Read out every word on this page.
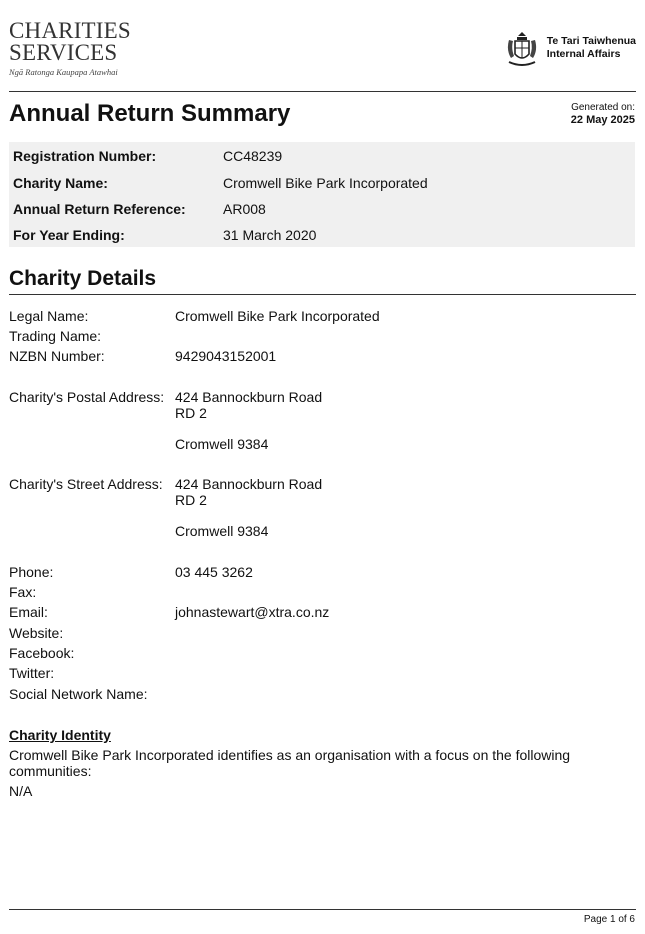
CHARITIES
SERVICES
Ngā Ratonga Kaupapa Atawhai
Te Tari Taiwhenua
Internal Affairs
Annual Return Summary	Generated on:
22 May 2025
Registration Number:	CC48239
Charity Name:	Cromwell Bike Park Incorporated
Annual Return Reference:	AR008
For Year Ending:	31 March 2020
Charity Details
Legal Name:	Cromwell Bike Park Incorporated
Trading Name:
NZBN Number:	9429043152001
Charity's Postal Address: 424 Bannockburn Road
RD 2
Cromwell 9384
Charity's Street Address: 424 Bannockburn Road
RD 2
Cromwell 9384
Phone:	03 445 3262
Fax:
Email:	johnastewart@xtra.co.nz
Website:
Facebook:
Twitter:
Social Network Name:
Charity Identity
Cromwell Bike Park Incorporated identifies as an organisation with a focus on the following communities:
N/A
Page 1 of 6
